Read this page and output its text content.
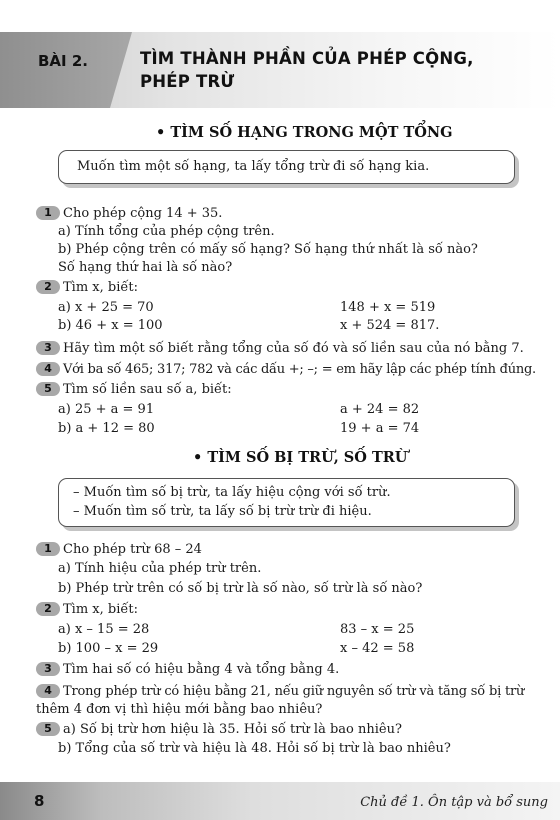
BÀI 2.	TÌM THÀNH PHẦN CỦA PHÉP CỘNG,
PHÉP TRỪ
• TÌM SỐ HẠNG TRONG MỘT TỔNG
Muốn tìm một số hạng, ta lấy tổng trừ đi số hạng kia.
1 Cho phép cộng 14 + 35.
a) Tính tổng của phép cộng trên.
b) Phép cộng trên có mấy số hạng? Số hạng thứ nhất là số nào?
Số hạng thứ hai là số nào?
2 Tìm x, biết:
a) x + 25 = 70	148 + x = 519
b) 46 + x = 100	x + 524 = 817.
3 Hãy tìm một số biết rằng tổng của số đó và số liền sau của nó bằng 7.
4 Với ba số 465; 317; 782 và các dấu +; –; = em hãy lập các phép tính đúng.
5 Tìm số liền sau số a, biết:
a) 25 + a = 91	a + 24 = 82
b) a + 12 = 80	19 + a = 74
• TÌM SỐ BỊ TRỪ, SỐ TRỪ
– Muốn tìm số bị trừ, ta lấy hiệu cộng với số trừ.
– Muốn tìm số trừ, ta lấy số bị trừ trừ đi hiệu.
1 Cho phép trừ 68 – 24
a) Tính hiệu của phép trừ trên.
b) Phép trừ trên có số bị trừ là số nào, số trừ là số nào?
2 Tìm x, biết:
a) x – 15 = 28	83 – x = 25
b) 100 – x = 29	x – 42 = 58
3 Tìm hai số có hiệu bằng 4 và tổng bằng 4.
4 Trong phép trừ có hiệu bằng 21, nếu giữ nguyên số trừ và tăng số bị trừ
thêm 4 đơn vị thì hiệu mới bằng bao nhiêu?
5 a) Số bị trừ hơn hiệu là 35. Hỏi số trừ là bao nhiêu?
b) Tổng của số trừ và hiệu là 48. Hỏi số bị trừ là bao nhiêu?
8	Chủ đề 1. Ôn tập và bổ sung
